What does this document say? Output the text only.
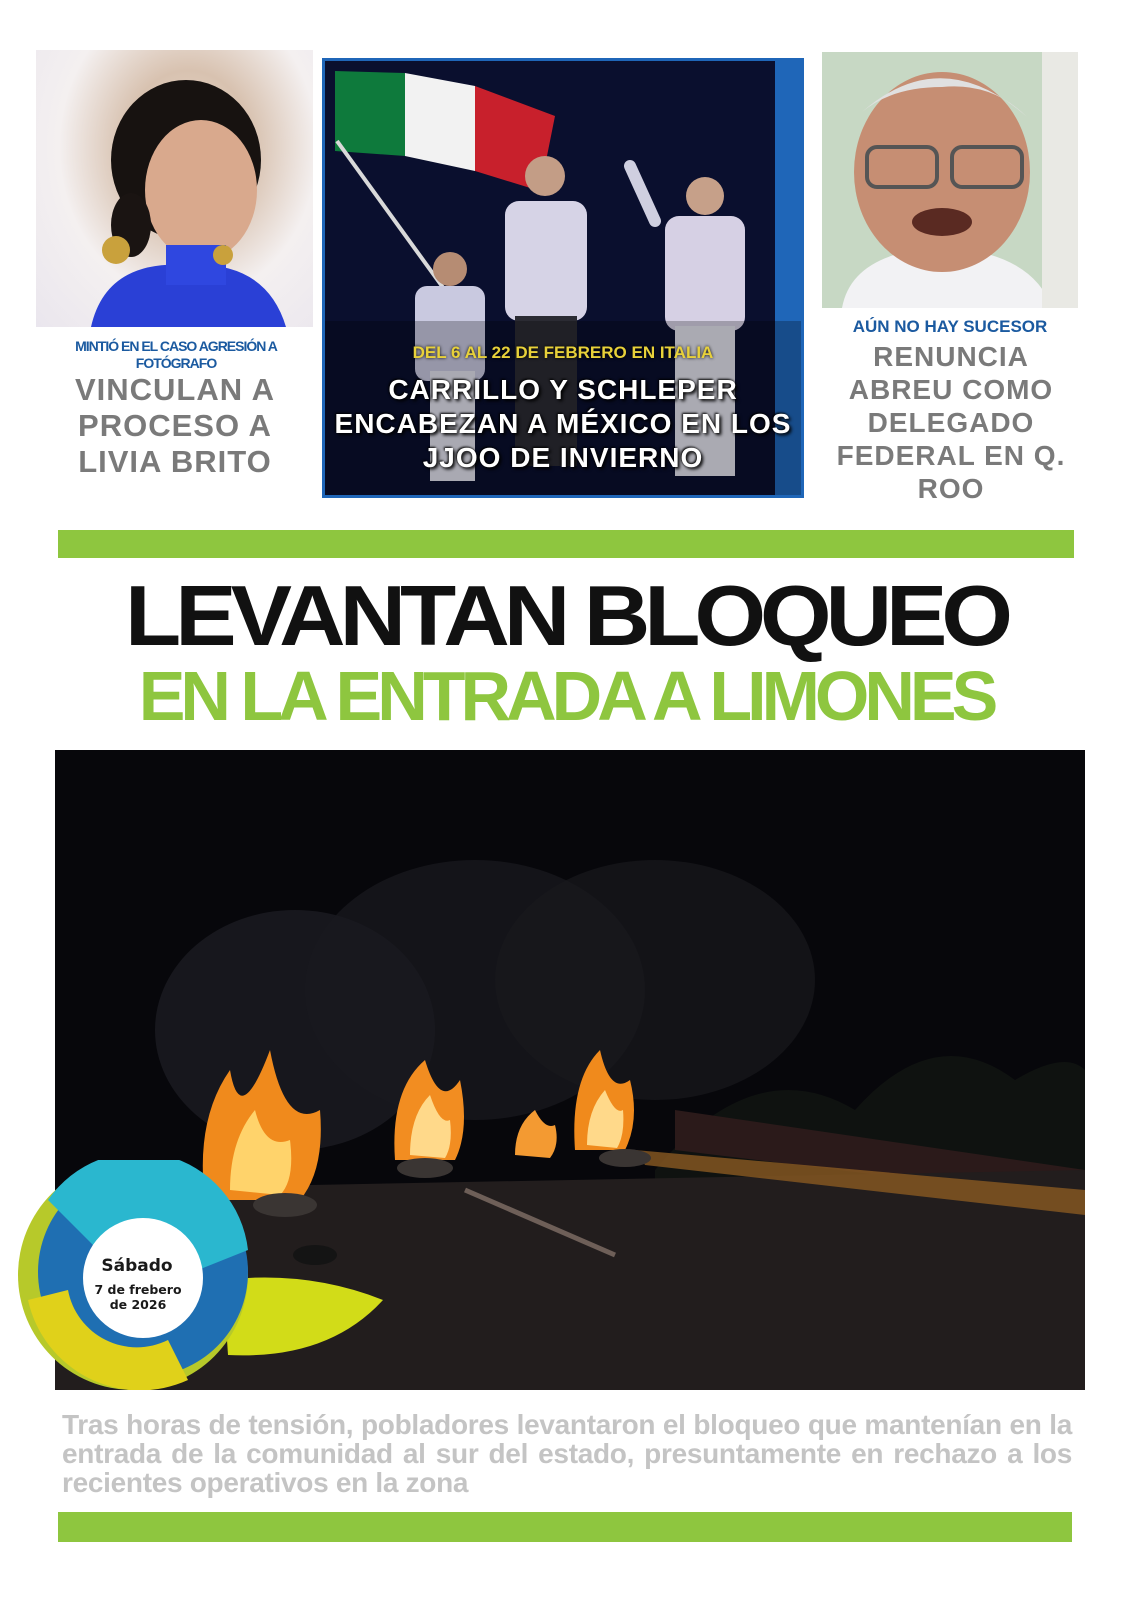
MINTIÓ EN EL CASO AGRESIÓN A FOTÓGRAFO
VINCULAN A PROCESO A LIVIA BRITO
DEL 6 AL 22 DE FEBRERO EN ITALIA
CARRILLO Y SCHLEPER ENCABEZAN A MÉXICO EN LOS JJOO DE INVIERNO
AÚN NO HAY SUCESOR
RENUNCIA ABREU COMO DELEGADO FEDERAL EN Q. ROO
LEVANTAN BLOQUEO
EN LA ENTRADA A LIMONES
Sábado
7 de frebero de 2026
Tras horas de tensión, pobladores levantaron el bloqueo que mantenían en la entrada de la comunidad al sur del estado, presuntamente en rechazo a los recientes operativos en la zona
